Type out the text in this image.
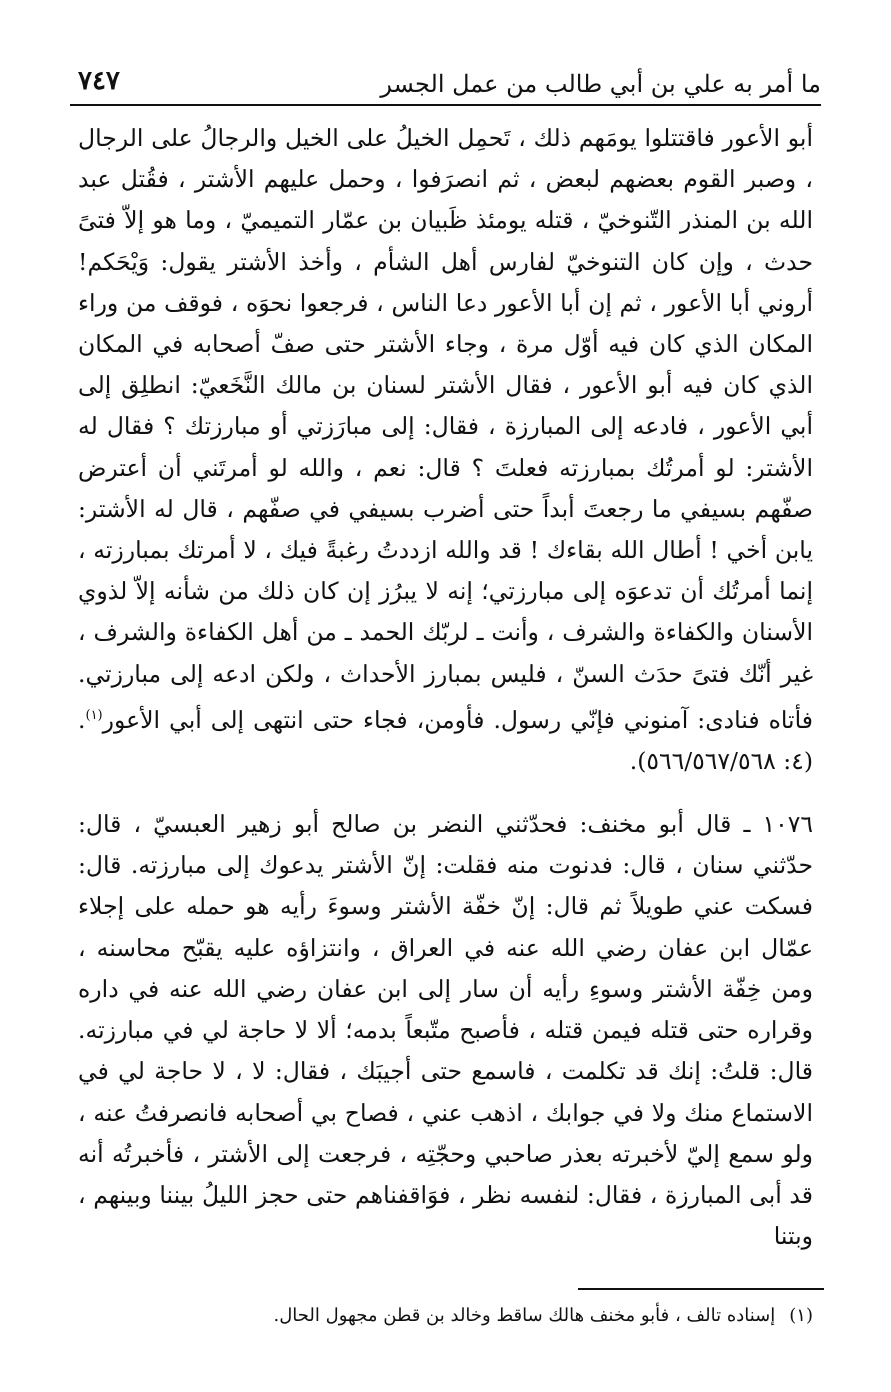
٧٤٧	ما أمر به علي بن أبي طالب من عمل الجسر

أبو الأعور فاقتتلوا يومَهم ذلك ، تَحمِل الخيلُ على الخيل والرجالُ على الرجال ، وصبر القوم بعضهم لبعض ، ثم انصرَفوا ، وحمل عليهم الأشتر ، فقُتل عبد الله بن المنذر التّنوخيّ ، قتله يومئذ ظَبيان بن عمّار التميميّ ، وما هو إلاّ فتىً حدث ، وإن كان التنوخيّ لفارس أهل الشأم ، وأخذ الأشتر يقول: وَيْحَكم! أروني أبا الأعور ، ثم إن أبا الأعور دعا الناس ، فرجعوا نحوَه ، فوقف من وراء المكان الذي كان فيه أوّل مرة ، وجاء الأشتر حتى صفّ أصحابه في المكان الذي كان فيه أبو الأعور ، فقال الأشتر لسنان بن مالك النَّخَعيّ: انطلِق إلى أبي الأعور ، فادعه إلى المبارزة ، فقال: إلى مبارَزتي أو مبارزتك ؟ فقال له الأشتر: لو أمرتُك بمبارزته فعلتَ ؟ قال: نعم ، والله لو أمرتَني أن أعترض صفّهم بسيفي ما رجعتَ أبداً حتى أضرب بسيفي في صفّهم ، قال له الأشتر: يابن أخي ! أطال الله بقاءك ! قد والله ازددتُ رغبةً فيك ، لا أمرتك بمبارزته ، إنما أمرتُك أن تدعوَه إلى مبارزتي؛ إنه لا يبرُز إن كان ذلك من شأنه إلاّ لذوي الأسنان والكفاءة والشرف ، وأنت ـ لربّك الحمد ـ من أهل الكفاءة والشرف ، غير أنّك فتىً حدَث السنّ ، فليس بمبارز الأحداث ، ولكن ادعه إلى مبارزتي. فأتاه فنادى: آمنوني فإنّي رسول. فأومن، فجاء حتى انتهى إلى أبي الأعور$^{(١)}$. (٤: ٥٦٦/٥٦٧/٥٦٨).

١٠٧٦ ـ قال أبو مخنف: فحدّثني النضر بن صالح أبو زهير العبسيّ ، قال: حدّثني سنان ، قال: فدنوت منه فقلت: إنّ الأشتر يدعوك إلى مبارزته. قال: فسكت عني طويلاً ثم قال: إنّ خفّة الأشتر وسوءَ رأيه هو حمله على إجلاء عمّال ابن عفان رضي الله عنه في العراق ، وانتزاؤه عليه يقبّح محاسنه ، ومن خِفّة الأشتر وسوءِ رأيه أن سار إلى ابن عفان رضي الله عنه في داره وقراره حتى قتله فيمن قتله ، فأصبح متّبعاً بدمه؛ ألا لا حاجة لي في مبارزته. قال: قلتُ: إنك قد تكلمت ، فاسمع حتى أجيبَك ، فقال: لا ، لا حاجة لي في الاستماع منك ولا في جوابك ، اذهب عني ، فصاح بي أصحابه فانصرفتُ عنه ، ولو سمع إليّ لأخبرته بعذر صاحبي وحجّتِه ، فرجعت إلى الأشتر ، فأخبرتُه أنه قد أبى المبارزة ، فقال: لنفسه نظر ، فوَاقفناهم حتى حجز الليلُ بيننا وبينهم ، وبتنا

(١)إسناده تالف ، فأبو مخنف هالك ساقط وخالد بن قطن مجهول الحال.
